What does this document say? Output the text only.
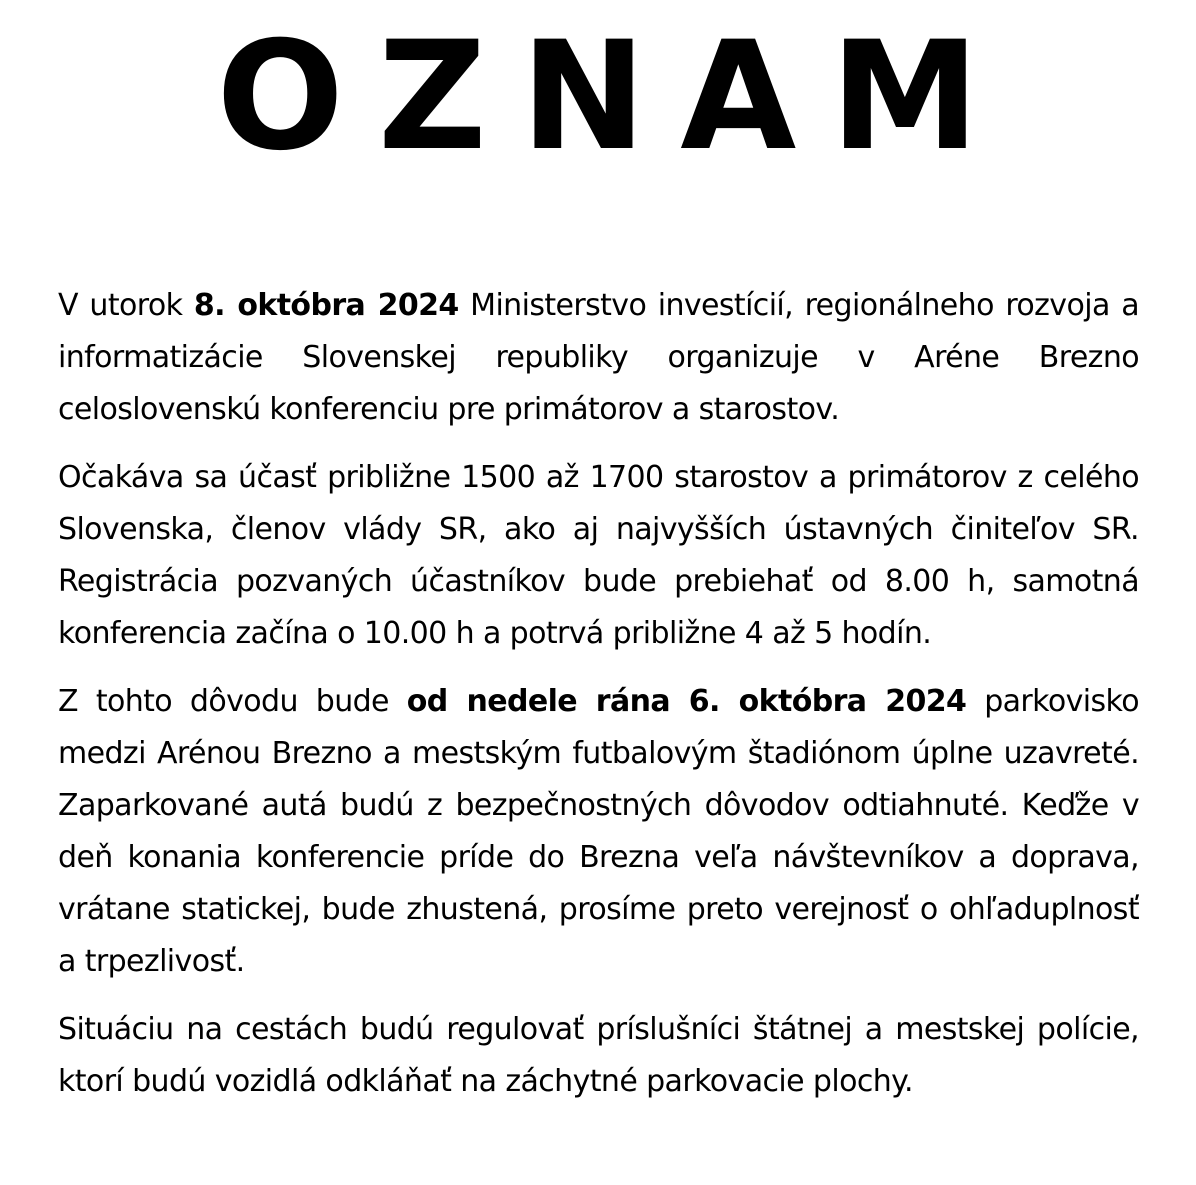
OZNAM

V utorok 8. októbra 2024 Ministerstvo investícií, regionálneho rozvoja a informatizácie Slovenskej republiky organizuje v Aréne Brezno celoslovenskú konferenciu pre primátorov a starostov.

Očakáva sa účasť približne 1500 až 1700 starostov a primátorov z celého Slovenska, členov vlády SR, ako aj najvyšších ústavných činiteľov SR. Registrácia pozvaných účastníkov bude prebiehať od 8.00 h, samotná konferencia začína o 10.00 h a potrvá približne 4 až 5 hodín.

Z tohto dôvodu bude od nedele rána 6. októbra 2024 parkovisko medzi Arénou Brezno a mestským futbalovým štadiónom úplne uzavreté. Zaparkované autá budú z bezpečnostných dôvodov odtiahnuté. Keďže v deň konania konferencie príde do Brezna veľa návštevníkov a doprava, vrátane statickej, bude zhustená, prosíme preto verejnosť o ohľaduplnosť a trpezlivosť.

Situáciu na cestách budú regulovať príslušníci štátnej a mestskej polície, ktorí budú vozidlá odkláňať na záchytné parkovacie plochy.
